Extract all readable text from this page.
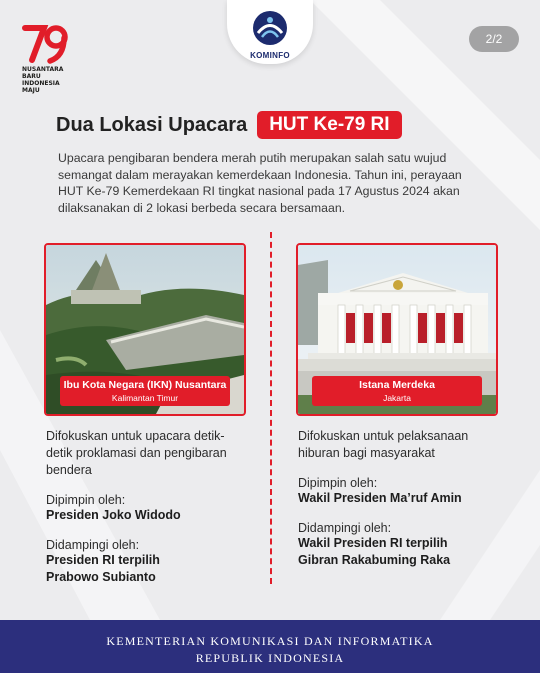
NUSANTARA
BARU
INDONESIA
MAJU
KOMINFO
2/2
Dua Lokasi Upacara	HUT Ke-79 RI
Upacara pengibaran bendera merah putih merupakan salah satu wujud semangat dalam merayakan kemerdekaan Indonesia. Tahun ini, perayaan HUT Ke-79 Kemerdekaan RI tingkat nasional pada 17 Agustus 2024 akan dilaksanakan di 2 lokasi berbeda secara bersamaan.
Ibu Kota Negara (IKN) Nusantara
Kalimantan Timur
Istana Merdeka
Jakarta
Difokuskan untuk upacara detik-detik proklamasi dan pengibaran bendera
Dipimpin oleh:
Presiden Joko Widodo
Didampingi oleh:
Presiden RI terpilih Prabowo Subianto
Difokuskan untuk pelaksanaan hiburan bagi masyarakat
Dipimpin oleh:
Wakil Presiden Ma’ruf Amin
Didampingi oleh:
Wakil Presiden RI terpilih Gibran Rakabuming Raka
KEMENTERIAN KOMUNIKASI DAN INFORMATIKA
REPUBLIK INDONESIA
